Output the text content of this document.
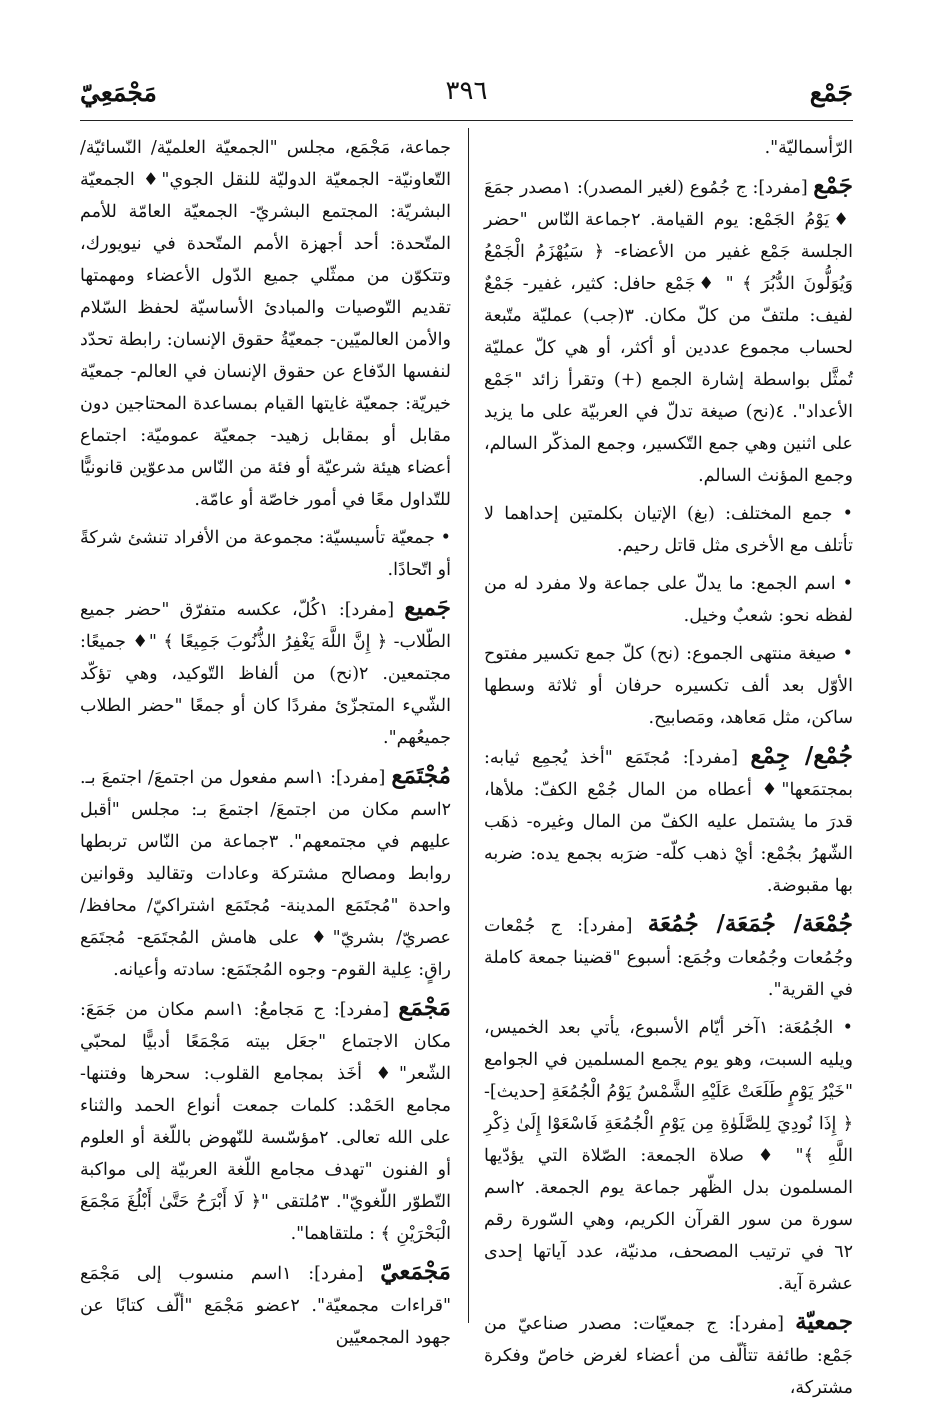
مَجْمَعِيّ	٣٩٦	جَمْع

الرّأسماليّة".

جَمْع [مفرد]: ج جُمُوع (لغير المصدر): ١مصدر جمَعَ ♦يَوْمُ الجَمْع: يوم القيامة. ٢جماعة النّاس "حضر الجلسة جَمْع غفير من الأعضاء- ﴿ سَيُهْزَمُ الْجَمْعُ وَيُوَلُّونَ الدُّبُرَ ﴾ " ♦جَمْع حافل: كثير، غفير- جَمْعٌ لفيف: ملتفّ من كلّ مكان. ٣(جب) عمليّة متّبعة لحساب مجموع عددين أو أكثر، أو هي كلّ عمليّة تُمثَّل بواسطة إشارة الجمع (+) وتقرأ زائد "جَمْع الأعداد". ٤(نح) صيغة تدلّ في العربيّة على ما يزيد على اثنين وهي جمع التّكسير، وجمع المذكّر السالم، وجمع المؤنث السالم.

• جمع المختلف: (بغ) الإتيان بكلمتين إحداهما لا تأتلف مع الأخرى مثل قاتل رحيم.

• اسم الجمع: ما يدلّ على جماعة ولا مفرد له من لفظه نحو: شعبٌ وخيل.

• صيغة منتهى الجموع: (نح) كلّ جمع تكسير مفتوح الأوّل بعد ألف تكسيره حرفان أو ثلاثة وسطها ساكن، مثل مَعاهد، ومَصابيح.

جُمْع/ جِمْع [مفرد]: مُجتَمَع "أخذ يُجمِع ثيابه: بمجتمَعها"♦ أعطاه من المال جُمْع الكفّ: ملأها، قدرَ ما يشتمل عليه الكفّ من المال وغيره- ذهَب الشّهرُ بجُمْع: أيْ ذهب كلّه- ضرَبه بجمع يده: ضربه بها مقبوضة.

جُمْعَة/ جُمَعَة/ جُمُعَة [مفرد]: ج جُمْعات وجُمُعات وجُمُعات وجُمَع: أسبوع "قضينا جمعة كاملة في القرية".

• الجُمُعَة: ١آخر أيّام الأسبوع، يأتي بعد الخميس، ويليه السبت، وهو يوم يجمع المسلمين في الجوامع "خَيْرُ يَوْمٍ طَلَعَتْ عَلَيْهِ الشَّمْسُ يَوْمُ الْجُمُعَةِ [حديث]- ﴿ إِذَا نُودِيَ لِلصَّلَوٰةِ مِن يَوْمِ الْجُمُعَةِ فَاسْعَوْا إِلَىٰ ذِكْرِ اللَّهِ ﴾" ♦ صلاة الجمعة: الصّلاة التي يؤدّيها المسلمون بدل الظّهر جماعة يوم الجمعة. ٢اسم سورة من سور القرآن الكريم، وهي السّورة رقم ٦٢ في ترتيب المصحف، مدنيّة، عدد آياتها إحدى عشرة آية.

جمعيّة [مفرد]: ج جمعيّات: مصدر صناعيّ من جَمْع: طائفة تتألّف من أعضاء لغرض خاصّ وفكرة مشتركة،

جماعة، مَجْمَع، مجلس "الجمعيّة العلميّة/ النّسائيّة/ التّعاونيّة- الجمعيّة الدوليّة للنقل الجوي"♦ الجمعيّة البشريّة: المجتمع البشريّ- الجمعيّة العامّة للأمم المتّحدة: أحد أجهزة الأمم المتّحدة في نيويورك، وتتكوّن من ممثّلي جميع الدّول الأعضاء ومهمتها تقديم التّوصيات والمبادئ الأساسيّة لحفظ السّلام والأمن العالميّين- جمعيّةُ حقوق الإنسان: رابطة تحدّد لنفسها الدّفاع عن حقوق الإنسان في العالم- جمعيّة خيريّة: جمعيّة غايتها القيام بمساعدة المحتاجين دون مقابل أو بمقابل زهيد- جمعيّة عموميّة: اجتماع أعضاء هيئة شرعيّة أو فئة من النّاس مدعوّين قانونيًّا للتّداول معًا في أمور خاصّة أو عامّة.

• جمعيّة تأسيسيّة: مجموعة من الأفراد تنشئ شركةً أو اتّحادًا.

جَميع [مفرد]: ١كُلّ، عكسه متفرّق "حضر جميع الطّلاب- ﴿ إِنَّ اللَّهَ يَغْفِرُ الذُّنُوبَ جَمِيعًا ﴾ "♦ جميعًا: مجتمعين. ٢(نح) من ألفاظ التّوكيد، وهي تؤكّد الشّيء المتجزّئ مفردًا كان أو جمعًا "حضر الطلاب جميعُهم".

مُجْتَمَع [مفرد]: ١اسم مفعول من اجتمعَ/ اجتمعَ بـ. ٢اسم مكان من اجتمعَ/ اجتمعَ بـ: مجلس "أقبل عليهم في مجتمعهم". ٣جماعة من النّاس تربطها روابط ومصالح مشتركة وعادات وتقاليد وقوانين واحدة "مُجتَمَع المدينة- مُجتَمَع اشتراكيّ/ محافظ/ عصريّ/ بشريّ"♦ على هامش المُجتَمَع- مُجتَمَع راقٍ: عِلية القوم- وجوه المُجتَمَع: سادته وأعيانه.

مَجْمَع [مفرد]: ج مَجامعُ: ١اسم مكان من جَمَعَ: مكان الاجتماع "جعَل بيته مَجْمَعًا أدبيًّا لمحبّي الشّعر"♦ أخَذ بمجامع القلوب: سحرها وفتنها- مجامع الحَمْد: كلمات جمعت أنواع الحمد والثناء على الله تعالى. ٢مؤسّسة للنّهوض باللّغة أو العلوم أو الفنون "تهدف مجامع اللّغة العربيّة إلى مواكبة التّطوّر اللّغويّ". ٣مُلتقى "﴿ لَا أَبْرَحُ حَتَّىٰ أَبْلُغَ مَجْمَعَ الْبَحْرَيْنِ ﴾ : ملتقاهما".

مَجْمَعيّ [مفرد]: ١اسم منسوب إلى مَجْمَع "قراءات مجمعيّة". ٢عضو مَجْمَع "ألّف كتابًا عن جهود المجمعيّين
